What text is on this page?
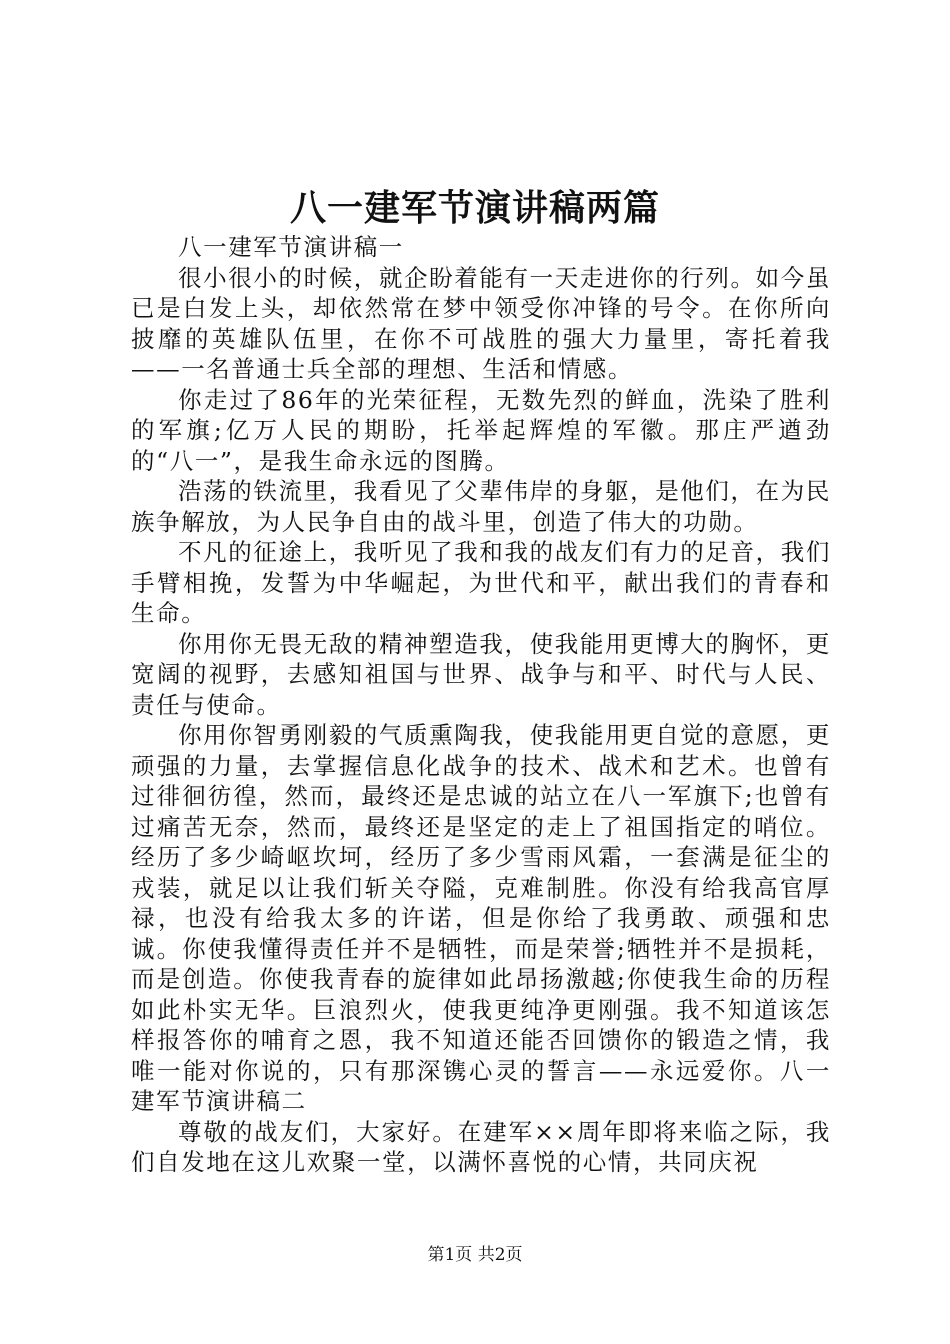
八一建军节演讲稿两篇

八一建军节演讲稿一

很小很小的时候，就企盼着能有一天走进你的行列。如今虽已是白发上头，却依然常在梦中领受你冲锋的号令。在你所向披靡的英雄队伍里，在你不可战胜的强大力量里，寄托着我——一名普通士兵全部的理想、生活和情感。

你走过了86年的光荣征程，无数先烈的鲜血，洗染了胜利的军旗;亿万人民的期盼，托举起辉煌的军徽。那庄严遒劲的“八一”，是我生命永远的图腾。

浩荡的铁流里，我看见了父辈伟岸的身躯，是他们，在为民族争解放，为人民争自由的战斗里，创造了伟大的功勋。

不凡的征途上，我听见了我和我的战友们有力的足音，我们手臂相挽，发誓为中华崛起，为世代和平，献出我们的青春和生命。

你用你无畏无敌的精神塑造我，使我能用更博大的胸怀，更宽阔的视野，去感知祖国与世界、战争与和平、时代与人民、责任与使命。

你用你智勇刚毅的气质熏陶我，使我能用更自觉的意愿，更顽强的力量，去掌握信息化战争的技术、战术和艺术。也曾有过徘徊彷徨，然而，最终还是忠诚的站立在八一军旗下;也曾有过痛苦无奈，然而，最终还是坚定的走上了祖国指定的哨位。经历了多少崎岖坎坷，经历了多少雪雨风霜，一套满是征尘的戎装，就足以让我们斩关夺隘，克难制胜。你没有给我高官厚禄，也没有给我太多的许诺，但是你给了我勇敢、顽强和忠诚。你使我懂得责任并不是牺牲，而是荣誉;牺牲并不是损耗，而是创造。你使我青春的旋律如此昂扬激越;你使我生命的历程如此朴实无华。巨浪烈火，使我更纯净更刚强。我不知道该怎样报答你的哺育之恩，我不知道还能否回馈你的锻造之情，我唯一能对你说的，只有那深镌心灵的誓言——永远爱你。八一建军节演讲稿二

尊敬的战友们，大家好。在建军××周年即将来临之际，我们自发地在这儿欢聚一堂，以满怀喜悦的心情，共同庆祝

第1页 共2页
